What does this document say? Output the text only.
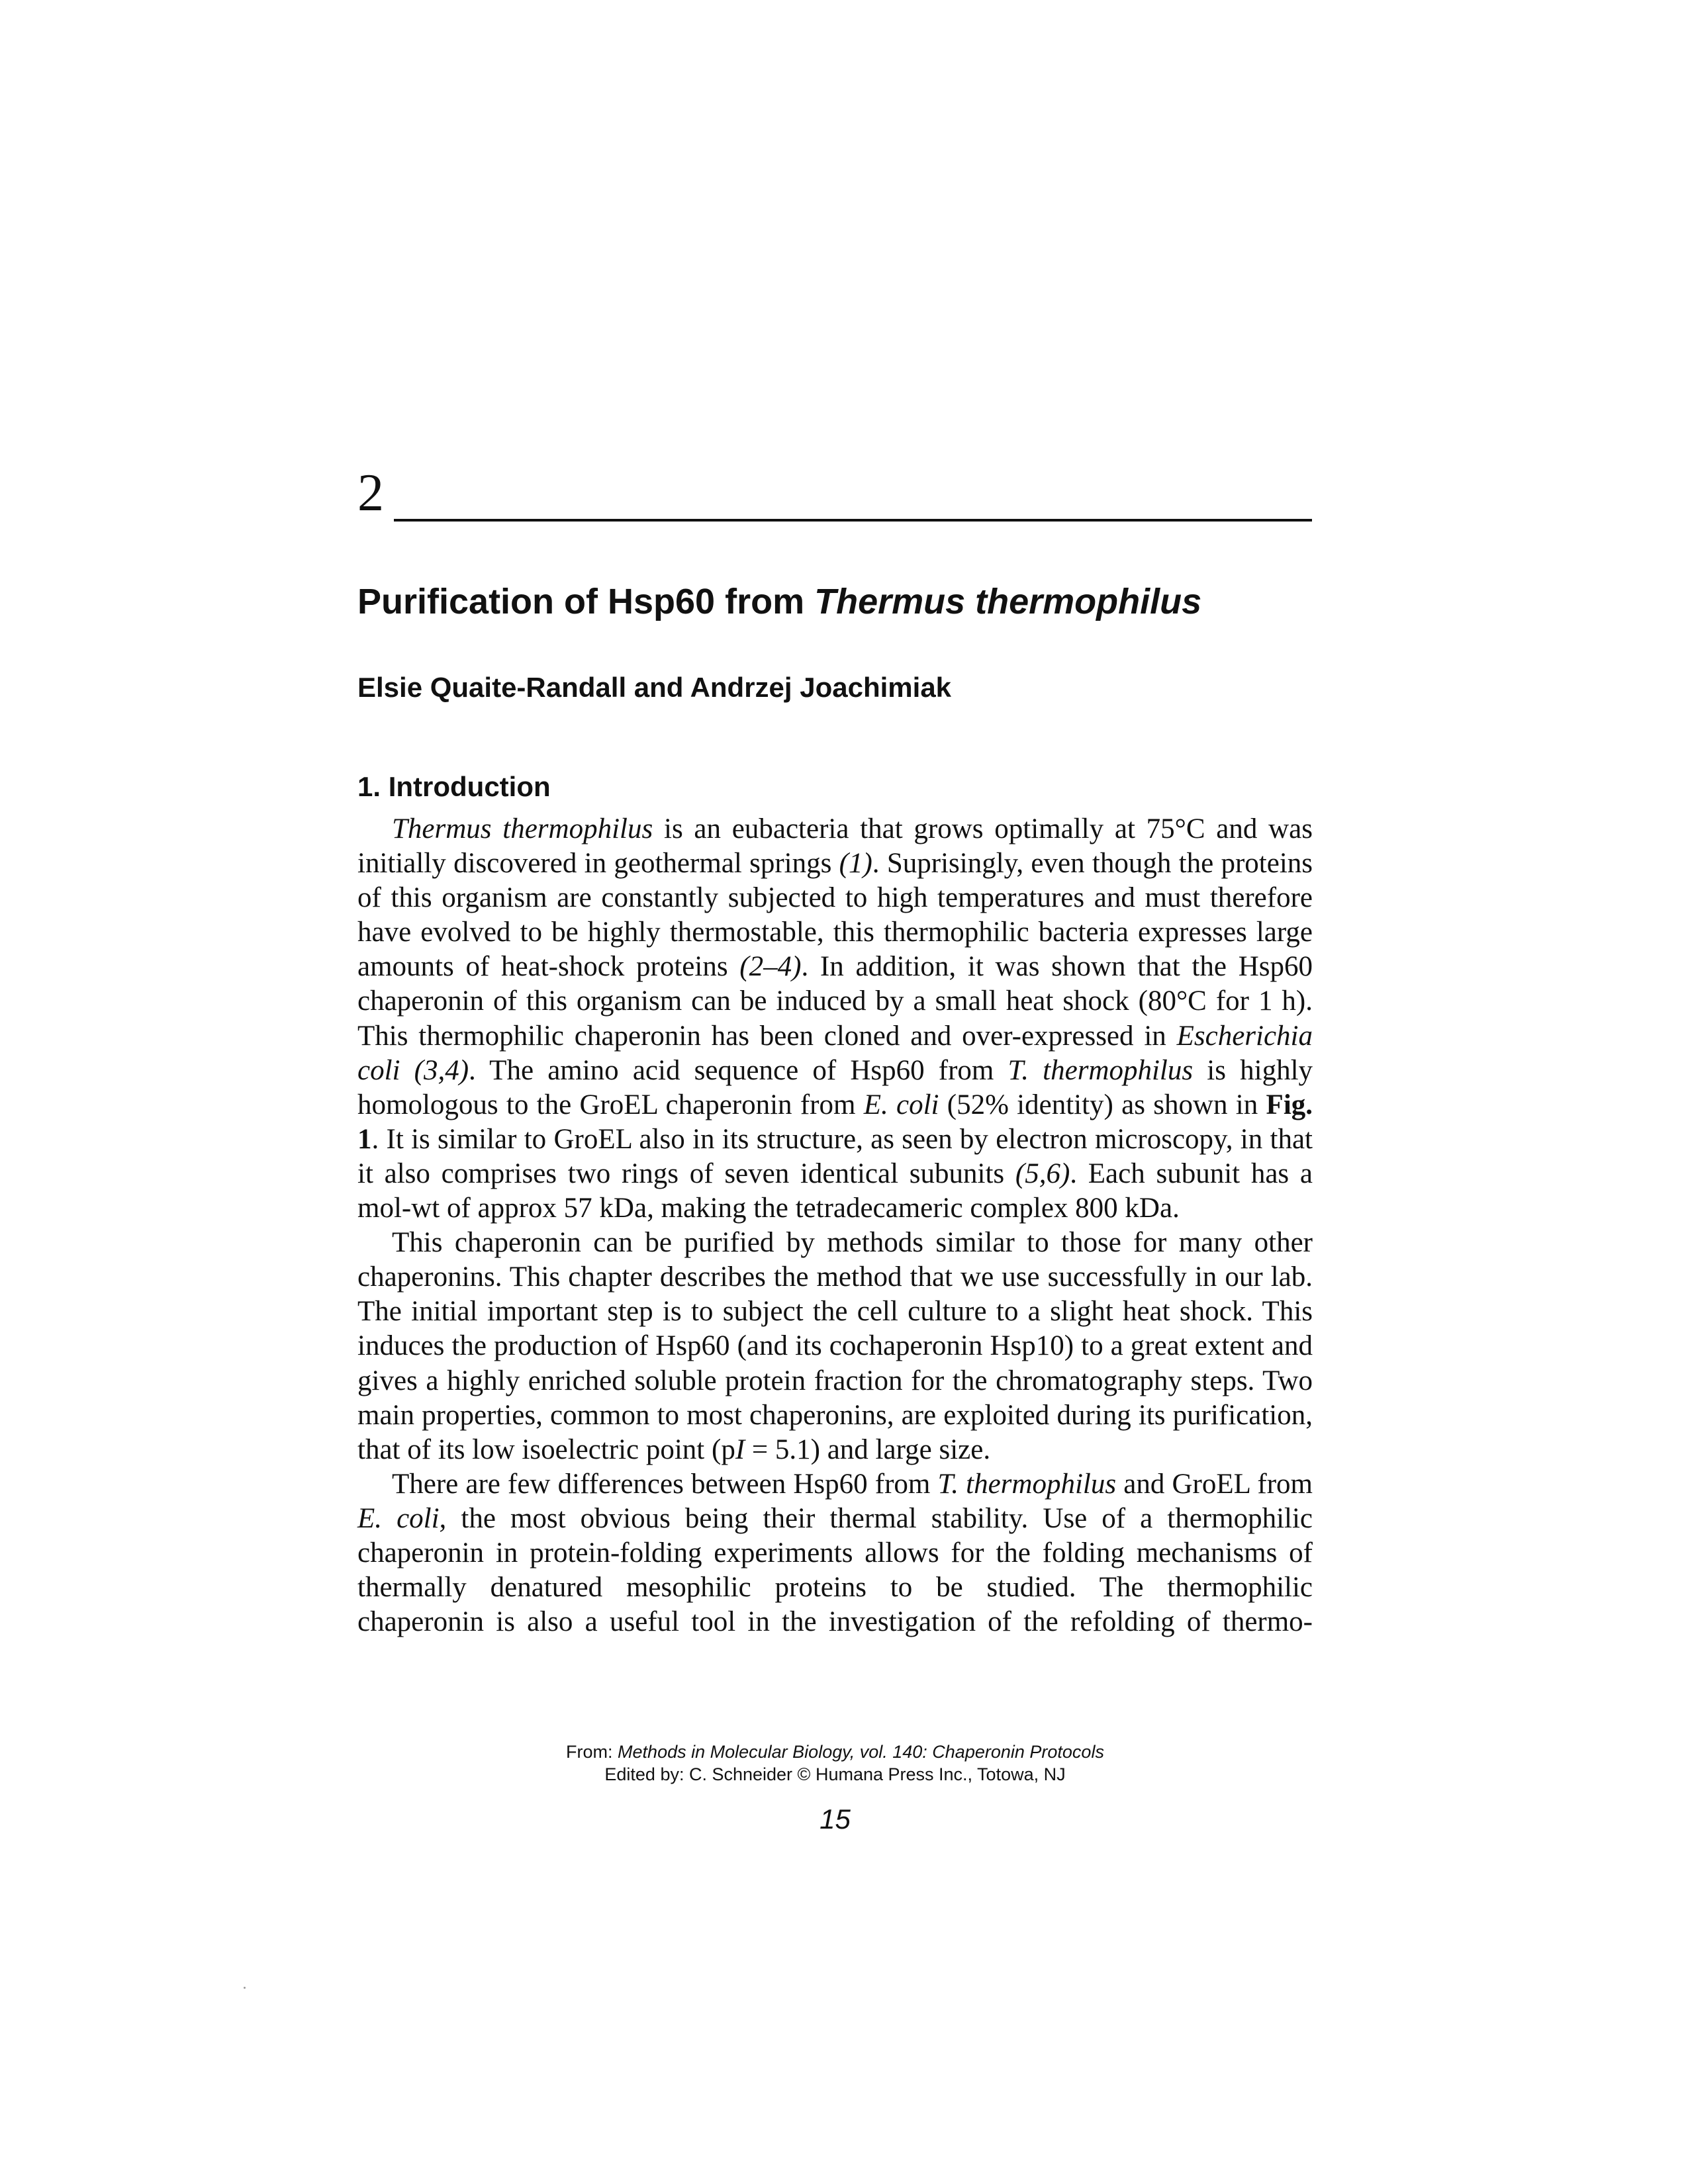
2
Purification of Hsp60 from Thermus thermophilus
Elsie Quaite-Randall and Andrzej Joachimiak
1. Introduction

Thermus thermophilus is an eubacteria that grows optimally at 75°C and was initially discovered in geothermal springs (1). Suprisingly, even though the proteins of this organism are constantly subjected to high temperatures and must therefore have evolved to be highly thermostable, this thermophilic bacteria expresses large amounts of heat-shock proteins (2–4). In addition, it was shown that the Hsp60 chaperonin of this organism can be induced by a small heat shock (80°C for 1 h). This thermophilic chaperonin has been cloned and over-expressed in Escherichia coli (3,4). The amino acid sequence of Hsp60 from T. thermophilus is highly homologous to the GroEL chaperonin from E. coli (52% identity) as shown in Fig. 1. It is similar to GroEL also in its structure, as seen by electron microscopy, in that it also comprises two rings of seven identical subunits (5,6). Each subunit has a mol-wt of approx 57 kDa, making the tetradecameric complex 800 kDa.

This chaperonin can be purified by methods similar to those for many other chaperonins. This chapter describes the method that we use successfully in our lab. The initial important step is to subject the cell culture to a slight heat shock. This induces the production of Hsp60 (and its cochaperonin Hsp10) to a great extent and gives a highly enriched soluble protein fraction for the chromatography steps. Two main properties, common to most chaperonins, are exploited during its purification, that of its low isoelectric point (pI = 5.1) and large size.

There are few differences between Hsp60 from T. thermophilus and GroEL from E. coli, the most obvious being their thermal stability. Use of a thermophilic chaperonin in protein-folding experiments allows for the folding mechanisms of thermally denatured mesophilic proteins to be studied. The thermophilic chaperonin is also a useful tool in the investigation of the refolding of thermo-

From: Methods in Molecular Biology, vol. 140: Chaperonin Protocols
Edited by: C. Schneider © Humana Press Inc., Totowa, NJ
15
